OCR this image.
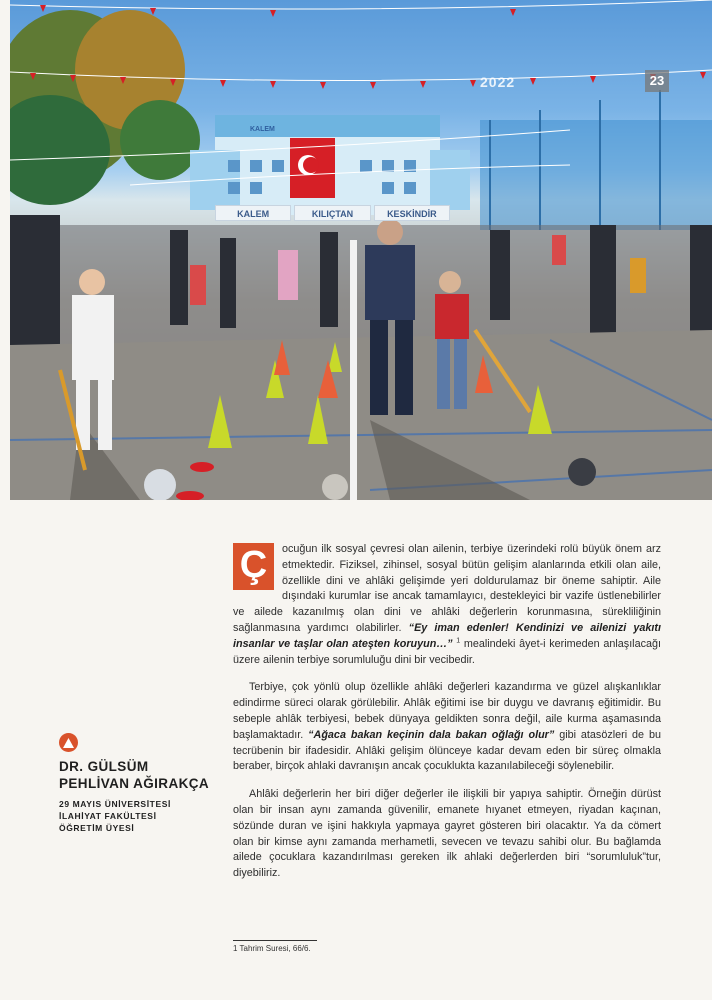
KALEM
KALEM	KILIÇTAN	KESKİNDİR
2022	23
DR. GÜLSÜM
PEHLİVAN AĞIRAKÇA
29 MAYIS ÜNİVERSİTESİ
İLAHİYAT FAKÜLTESİ
ÖĞRETİM ÜYESİ

Ç	ocuğun ilk sosyal çevresi olan ailenin, terbiye üzerindeki rolü büyük önem arz etmektedir. Fiziksel, zihinsel, sosyal bütün gelişim alanlarında etkili olan aile, özellikle dini ve ahlâki gelişimde yeri doldurulamaz bir öneme sahiptir. Aile dışındaki kurumlar ise ancak tamamlayıcı, destekleyici bir vazife üstlenebilirler ve ailede kazanılmış olan dini ve ahlâki değerlerin korunmasına, sürekliliğinin sağlanmasına yardımcı olabilirler. “Ey iman edenler! Kendinizi ve ailenizi yakıtı insanlar ve taşlar olan ateşten koruyun…” $^1$ mealindeki âyet-i kerimeden anlaşılacağı üzere ailenin terbiye sorumluluğu dini bir vecibedir.

Terbiye, çok yönlü olup özellikle ahlâki değerleri kazandırma ve güzel alışkanlıklar edindirme süreci olarak görülebilir. Ahlâk eğitimi ise bir duygu ve davranış eğitimidir. Bu sebeple ahlâk terbiyesi, bebek dünyaya geldikten sonra değil, aile kurma aşamasında başlamaktadır. “Ağaca bakan keçinin dala bakan oğlağı olur” gibi atasözleri de bu tecrübenin bir ifadesidir. Ahlâki gelişim ölünceye kadar devam eden bir süreç olmakla beraber, birçok ahlaki davranışın ancak çocuklukta kazanılabileceği söylenebilir.

Ahlâki değerlerin her biri diğer değerler ile ilişkili bir yapıya sahiptir. Örneğin dürüst olan bir insan aynı zamanda güvenilir, emanete hıyanet etmeyen, riyadan kaçınan, sözünde duran ve işini hakkıyla yapmaya gayret gösteren biri olacaktır. Ya da cömert olan bir kimse aynı zamanda merhametli, sevecen ve tevazu sahibi olur. Bu bağlamda ailede çocuklara kazandırılması gereken ilk ahlaki değerlerden biri “sorumluluk”tur, diyebiliriz.

1 Tahrim Suresi, 66/6.
